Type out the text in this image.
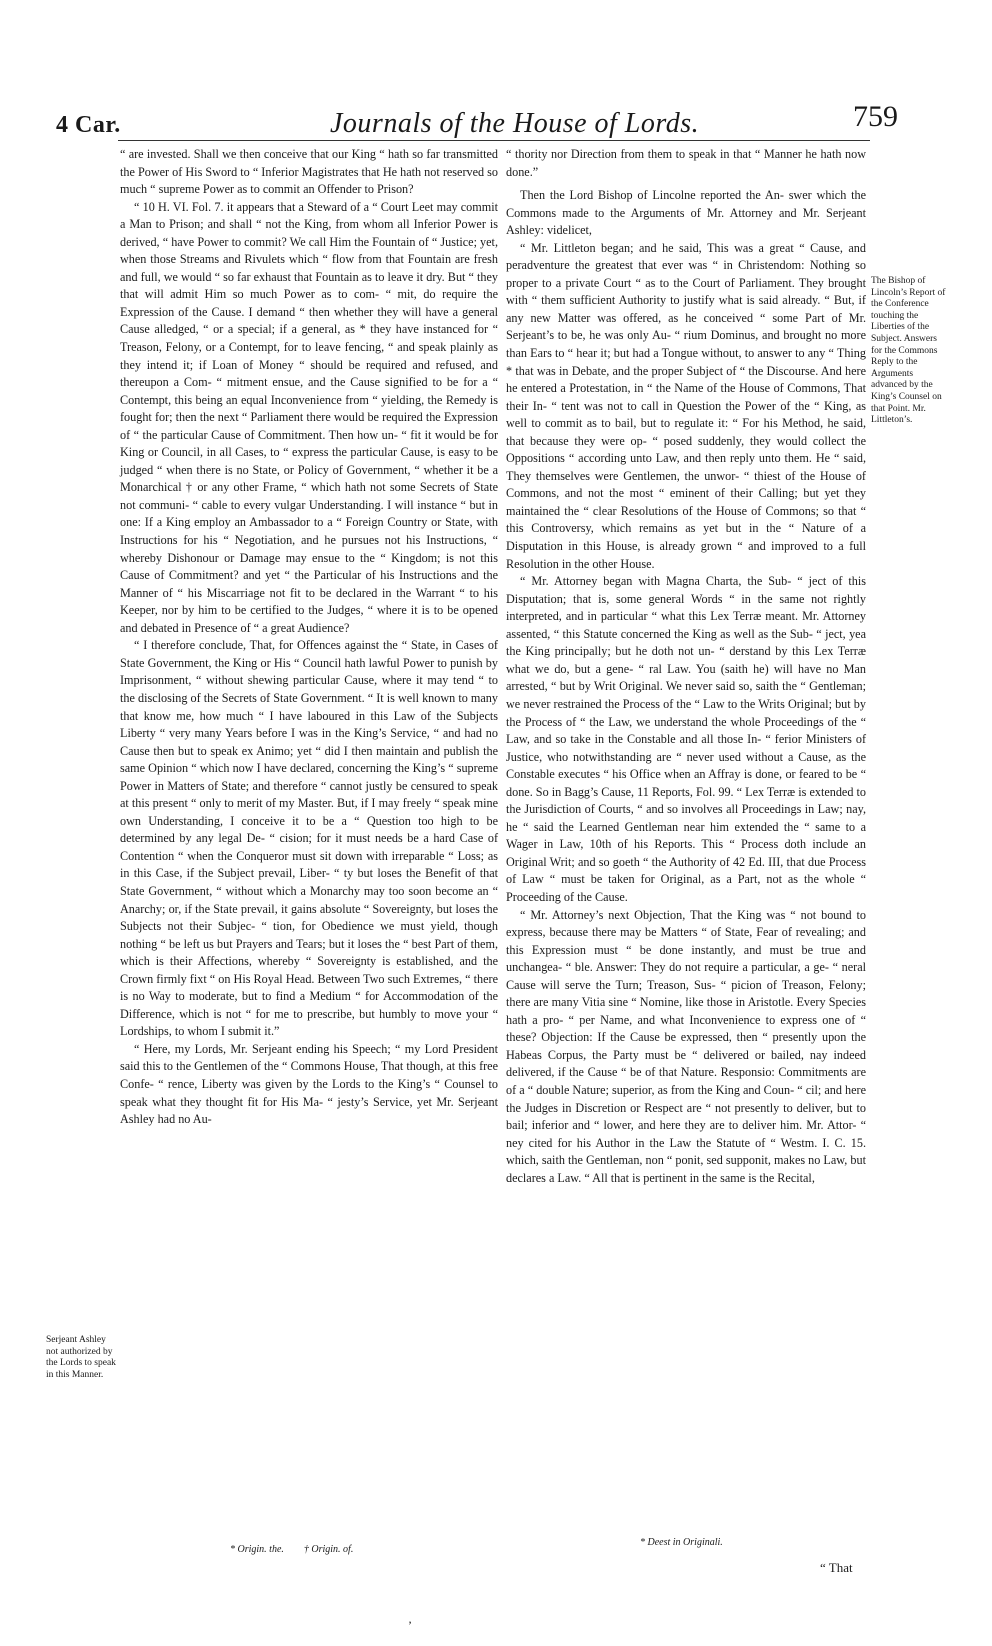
4 Car.	Journals of the House of Lords.	759

“ are invested. Shall we then conceive that our King “ hath so far transmitted the Power of His Sword to “ Inferior Magistrates that He hath not reserved so much “ supreme Power as to commit an Offender to Prison?

“ 10 H. VI. Fol. 7. it appears that a Steward of a “ Court Leet may commit a Man to Prison; and shall “ not the King, from whom all Inferior Power is derived, “ have Power to commit? We call Him the Fountain of “ Justice; yet, when those Streams and Rivulets which “ flow from that Fountain are fresh and full, we would “ so far exhaust that Fountain as to leave it dry. But “ they that will admit Him so much Power as to com- “ mit, do require the Expression of the Cause. I demand “ then whether they will have a general Cause alledged, “ or a special; if a general, as * they have instanced for “ Treason, Felony, or a Contempt, for to leave fencing, “ and speak plainly as they intend it; if Loan of Money “ should be required and refused, and thereupon a Com- “ mitment ensue, and the Cause signified to be for a “ Contempt, this being an equal Inconvenience from “ yielding, the Remedy is fought for; then the next “ Parliament there would be required the Expression of “ the particular Cause of Commitment. Then how un- “ fit it would be for King or Council, in all Cases, to “ express the particular Cause, is easy to be judged “ when there is no State, or Policy of Government, “ whether it be a Monarchical † or any other Frame, “ which hath not some Secrets of State not communi- “ cable to every vulgar Understanding. I will instance “ but in one: If a King employ an Ambassador to a “ Foreign Country or State, with Instructions for his “ Negotiation, and he pursues not his Instructions, “ whereby Dishonour or Damage may ensue to the “ Kingdom; is not this Cause of Commitment? and yet “ the Particular of his Instructions and the Manner of “ his Miscarriage not fit to be declared in the Warrant “ to his Keeper, nor by him to be certified to the Judges, “ where it is to be opened and debated in Presence of “ a great Audience?

“ I therefore conclude, That, for Offences against the “ State, in Cases of State Government, the King or His “ Council hath lawful Power to punish by Imprisonment, “ without shewing particular Cause, where it may tend “ to the disclosing of the Secrets of State Government. “ It is well known to many that know me, how much “ I have laboured in this Law of the Subjects Liberty “ very many Years before I was in the King’s Service, “ and had no Cause then but to speak ex Animo; yet “ did I then maintain and publish the same Opinion “ which now I have declared, concerning the King’s “ supreme Power in Matters of State; and therefore “ cannot justly be censured to speak at this present “ only to merit of my Master. But, if I may freely “ speak mine own Understanding, I conceive it to be a “ Question too high to be determined by any legal De- “ cision; for it must needs be a hard Case of Contention “ when the Conqueror must sit down with irreparable “ Loss; as in this Case, if the Subject prevail, Liber- “ ty but loses the Benefit of that State Government, “ without which a Monarchy may too soon become an “ Anarchy; or, if the State prevail, it gains absolute “ Sovereignty, but loses the Subjects not their Subjec- “ tion, for Obedience we must yield, though nothing “ be left us but Prayers and Tears; but it loses the “ best Part of them, which is their Affections, whereby “ Sovereignty is established, and the Crown firmly fixt “ on His Royal Head. Between Two such Extremes, “ there is no Way to moderate, but to find a Medium “ for Accommodation of the Difference, which is not “ for me to prescribe, but humbly to move your “ Lordships, to whom I submit it.”

“ Here, my Lords, Mr. Serjeant ending his Speech; “ my Lord President said this to the Gentlemen of the “ Commons House, That though, at this free Confe- “ rence, Liberty was given by the Lords to the King’s “ Counsel to speak what they thought fit for His Ma- “ jesty’s Service, yet Mr. Serjeant Ashley had no Au-

“ thority nor Direction from them to speak in that “ Manner he hath now done.”

Then the Lord Bishop of Lincolne reported the An- swer which the Commons made to the Arguments of Mr. Attorney and Mr. Serjeant Ashley: videlicet,

“ Mr. Littleton began; and he said, This was a great “ Cause, and peradventure the greatest that ever was “ in Christendom: Nothing so proper to a private Court “ as to the Court of Parliament. They brought with “ them sufficient Authority to justify what is said already. “ But, if any new Matter was offered, as he conceived “ some Part of Mr. Serjeant’s to be, he was only Au- “ rium Dominus, and brought no more than Ears to “ hear it; but had a Tongue without, to answer to any “ Thing * that was in Debate, and the proper Subject of “ the Discourse. And here he entered a Protestation, in “ the Name of the House of Commons, That their In- “ tent was not to call in Question the Power of the “ King, as well to commit as to bail, but to regulate it: “ For his Method, he said, that because they were op- “ posed suddenly, they would collect the Oppositions “ according unto Law, and then reply unto them. He “ said, They themselves were Gentlemen, the unwor- “ thiest of the House of Commons, and not the most “ eminent of their Calling; but yet they maintained the “ clear Resolutions of the House of Commons; so that “ this Controversy, which remains as yet but in the “ Nature of a Disputation in this House, is already grown “ and improved to a full Resolution in the other House.

“ Mr. Attorney began with Magna Charta, the Sub- “ ject of this Disputation; that is, some general Words “ in the same not rightly interpreted, and in particular “ what this Lex Terræ meant. Mr. Attorney assented, “ this Statute concerned the King as well as the Sub- “ ject, yea the King principally; but he doth not un- “ derstand by this Lex Terræ what we do, but a gene- “ ral Law. You (saith he) will have no Man arrested, “ but by Writ Original. We never said so, saith the “ Gentleman; we never restrained the Process of the “ Law to the Writs Original; but by the Process of “ the Law, we understand the whole Proceedings of the “ Law, and so take in the Constable and all those In- “ ferior Ministers of Justice, who notwithstanding are “ never used without a Cause, as the Constable executes “ his Office when an Affray is done, or feared to be “ done. So in Bagg’s Cause, 11 Reports, Fol. 99. “ Lex Terræ is extended to the Jurisdiction of Courts, “ and so involves all Proceedings in Law; nay, he “ said the Learned Gentleman near him extended the “ same to a Wager in Law, 10th of his Reports. This “ Process doth include an Original Writ; and so goeth “ the Authority of 42 Ed. III, that due Process of Law “ must be taken for Original, as a Part, not as the whole “ Proceeding of the Cause.

“ Mr. Attorney’s next Objection, That the King was “ not bound to express, because there may be Matters “ of State, Fear of revealing; and this Expression must “ be done instantly, and must be true and unchangea- “ ble. Answer: They do not require a particular, a ge- “ neral Cause will serve the Turn; Treason, Sus- “ picion of Treason, Felony; there are many Vitia sine “ Nomine, like those in Aristotle. Every Species hath a pro- “ per Name, and what Inconvenience to express one of “ these? Objection: If the Cause be expressed, then “ presently upon the Habeas Corpus, the Party must be “ delivered or bailed, nay indeed delivered, if the Cause “ be of that Nature. Responsio: Commitments are of a “ double Nature; superior, as from the King and Coun- “ cil; and here the Judges in Discretion or Respect are “ not presently to deliver, but to bail; inferior and “ lower, and here they are to deliver him. Mr. Attor- “ ney cited for his Author in the Law the Statute of “ Westm. I. C. 15. which, saith the Gentleman, non “ ponit, sed supponit, makes no Law, but declares a Law. “ All that is pertinent in the same is the Recital,

The Bishop of Lincoln’s Report of the Conference touching the Liberties of the Subject. Answers for the Commons Reply to the Arguments advanced by the King’s Counsel on that Point. Mr. Littleton’s.
Serjeant Ashley not authorized by the Lords to speak in this Manner.
* Origin. the.        † Origin. of.
* Deest in Originali.
“ That
’
